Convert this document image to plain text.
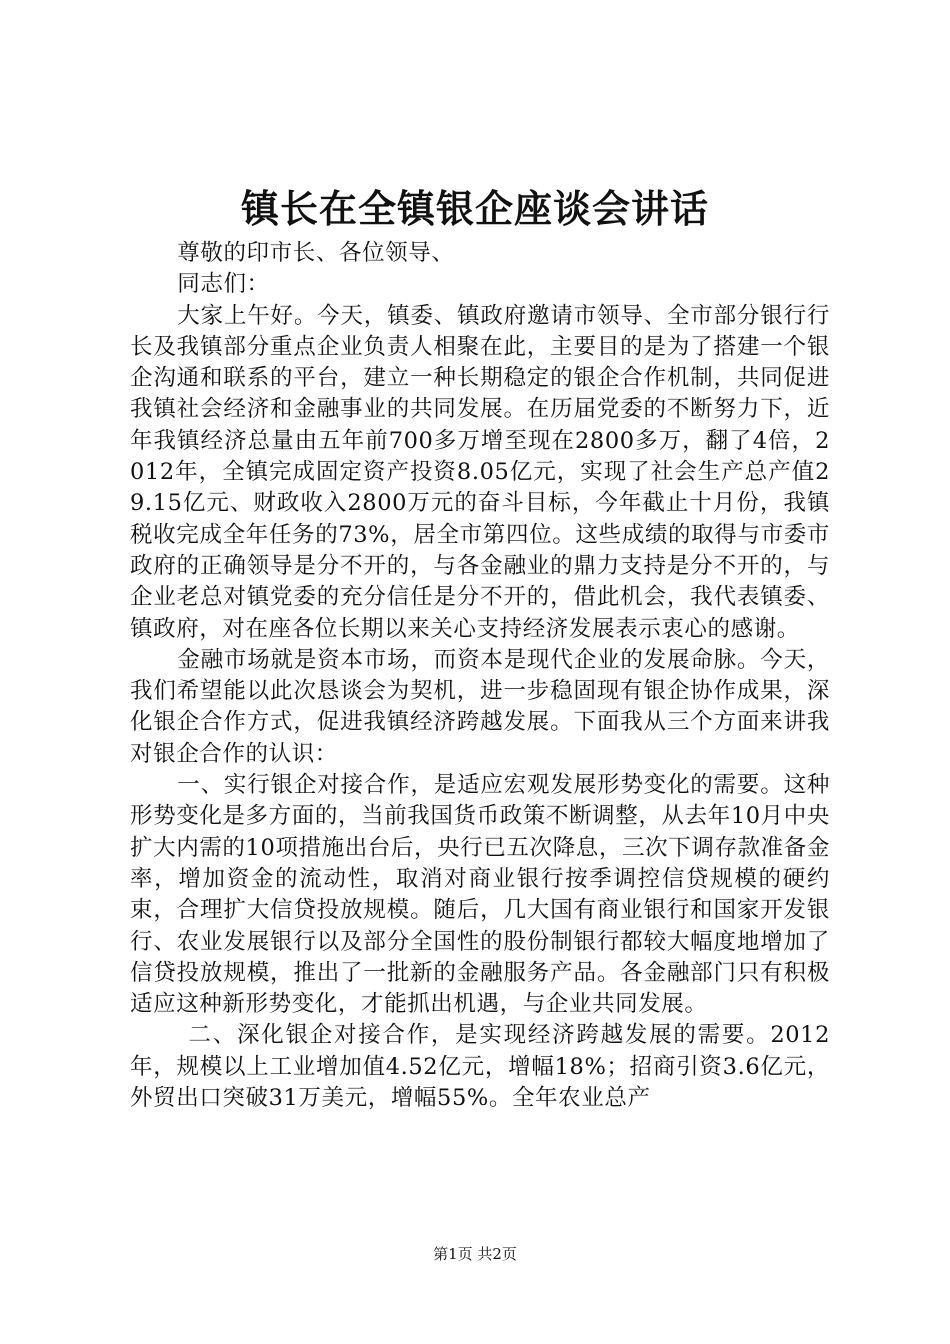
镇长在全镇银企座谈会讲话

尊敬的印市长、各位领导、

同志们：

大家上午好。今天，镇委、镇政府邀请市领导、全市部分银行行长及我镇部分重点企业负责人相聚在此，主要目的是为了搭建一个银企沟通和联系的平台，建立一种长期稳定的银企合作机制，共同促进我镇社会经济和金融事业的共同发展。在历届党委的不断努力下，近年我镇经济总量由五年前700多万增至现在2800多万，翻了4倍，2012年，全镇完成固定资产投资8.05亿元，实现了社会生产总产值29.15亿元、财政收入2800万元的奋斗目标，今年截止十月份，我镇税收完成全年任务的73%，居全市第四位。这些成绩的取得与市委市政府的正确领导是分不开的，与各金融业的鼎力支持是分不开的，与企业老总对镇党委的充分信任是分不开的，借此机会，我代表镇委、镇政府，对在座各位长期以来关心支持经济发展表示衷心的感谢。

金融市场就是资本市场，而资本是现代企业的发展命脉。今天，我们希望能以此次恳谈会为契机，进一步稳固现有银企协作成果，深化银企合作方式，促进我镇经济跨越发展。下面我从三个方面来讲我对银企合作的认识：

一、实行银企对接合作，是适应宏观发展形势变化的需要。这种形势变化是多方面的，当前我国货币政策不断调整，从去年10月中央扩大内需的10项措施出台后，央行已五次降息，三次下调存款准备金率，增加资金的流动性，取消对商业银行按季调控信贷规模的硬约束，合理扩大信贷投放规模。随后，几大国有商业银行和国家开发银行、农业发展银行以及部分全国性的股份制银行都较大幅度地增加了信贷投放规模，推出了一批新的金融服务产品。各金融部门只有积极适应这种新形势变化，才能抓出机遇，与企业共同发展。

二、深化银企对接合作，是实现经济跨越发展的需要。2012年，规模以上工业增加值4.52亿元，增幅18%；招商引资3.6亿元，外贸出口突破31万美元，增幅55%。全年农业总产

第1页 共2页
